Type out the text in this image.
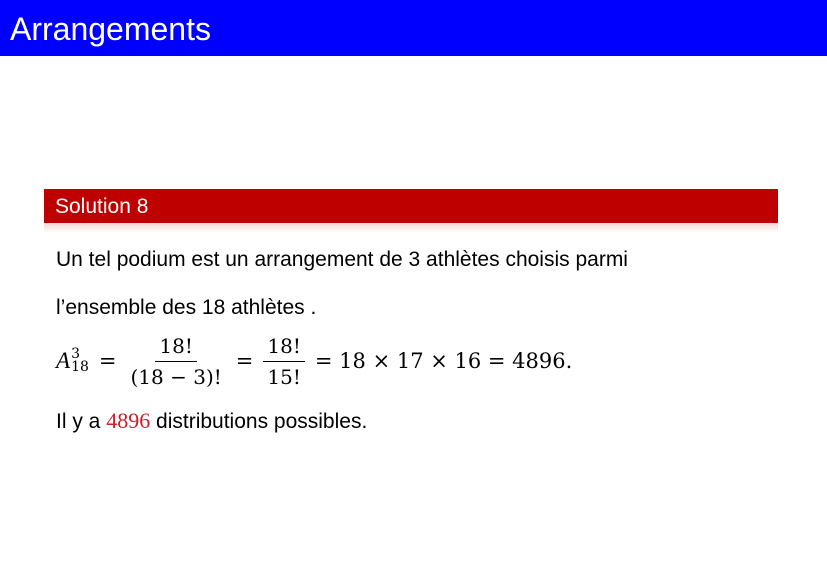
Arrangements
Solution 8
Un tel podium est un arrangement de 3 athlètes choisis parmi
l’ensemble des 18 athlètes .
A 3
$18 = \frac{18!}{(18 - 3)!} = \frac{18!}{15!} = 18 \times 17 \times 16 = 4896$.
Il y a 4896 distributions possibles.
